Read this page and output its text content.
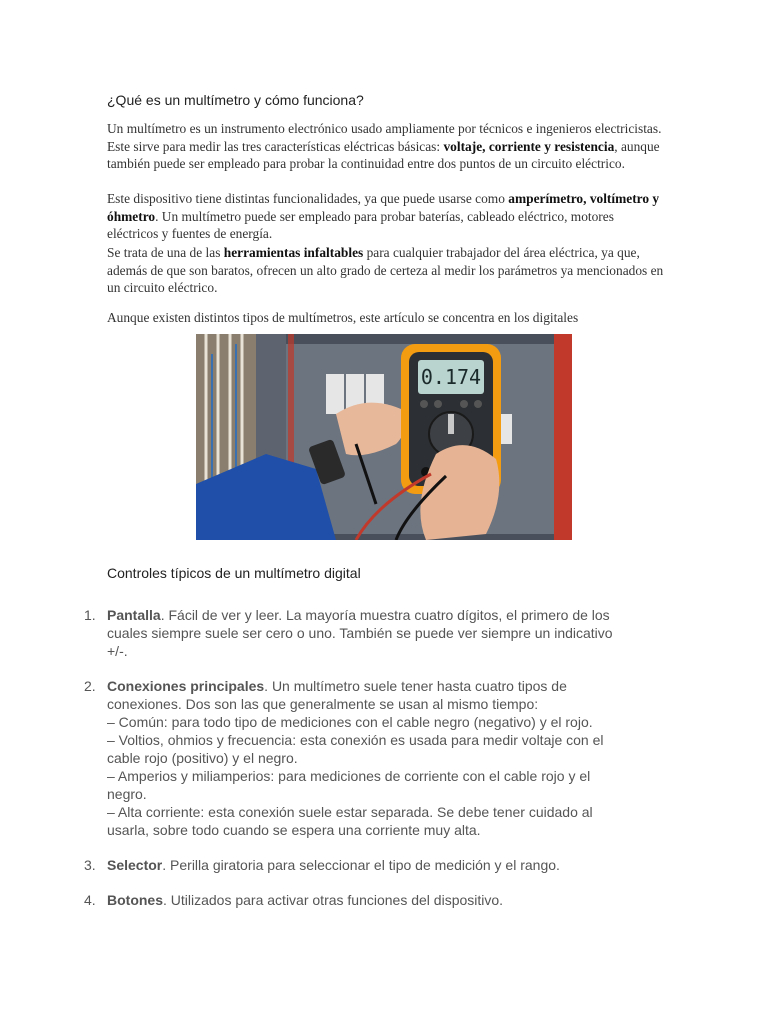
¿Qué es un multímetro y cómo funciona?
Un multímetro es un instrumento electrónico usado ampliamente por técnicos e ingenieros electricistas. Este sirve para medir las tres características eléctricas básicas: voltaje, corriente y resistencia, aunque también puede ser empleado para probar la continuidad entre dos puntos de un circuito eléctrico.
Este dispositivo tiene distintas funcionalidades, ya que puede usarse como amperímetro, voltímetro y óhmetro. Un multímetro puede ser empleado para probar baterías, cableado eléctrico, motores eléctricos y fuentes de energía.
Se trata de una de las herramientas infaltables para cualquier trabajador del área eléctrica, ya que, además de que son baratos, ofrecen un alto grado de certeza al medir los parámetros ya mencionados en un circuito eléctrico.
Aunque existen distintos tipos de multímetros, este artículo se concentra en los digitales
0.174
Controles típicos de un multímetro digital
1. Pantalla. Fácil de ver y leer. La mayoría muestra cuatro dígitos, el primero de los
cuales siempre suele ser cero o uno. También se puede ver siempre un indicativo
+/-.
2. Conexiones principales. Un multímetro suele tener hasta cuatro tipos de
conexiones. Dos son las que generalmente se usan al mismo tiempo:
– Común: para todo tipo de mediciones con el cable negro (negativo) y el rojo.
– Voltios, ohmios y frecuencia: esta conexión es usada para medir voltaje con el
cable rojo (positivo) y el negro.
– Amperios y miliamperios: para mediciones de corriente con el cable rojo y el
negro.
– Alta corriente: esta conexión suele estar separada. Se debe tener cuidado al
usarla, sobre todo cuando se espera una corriente muy alta.
3. Selector. Perilla giratoria para seleccionar el tipo de medición y el rango.
4. Botones. Utilizados para activar otras funciones del dispositivo.
